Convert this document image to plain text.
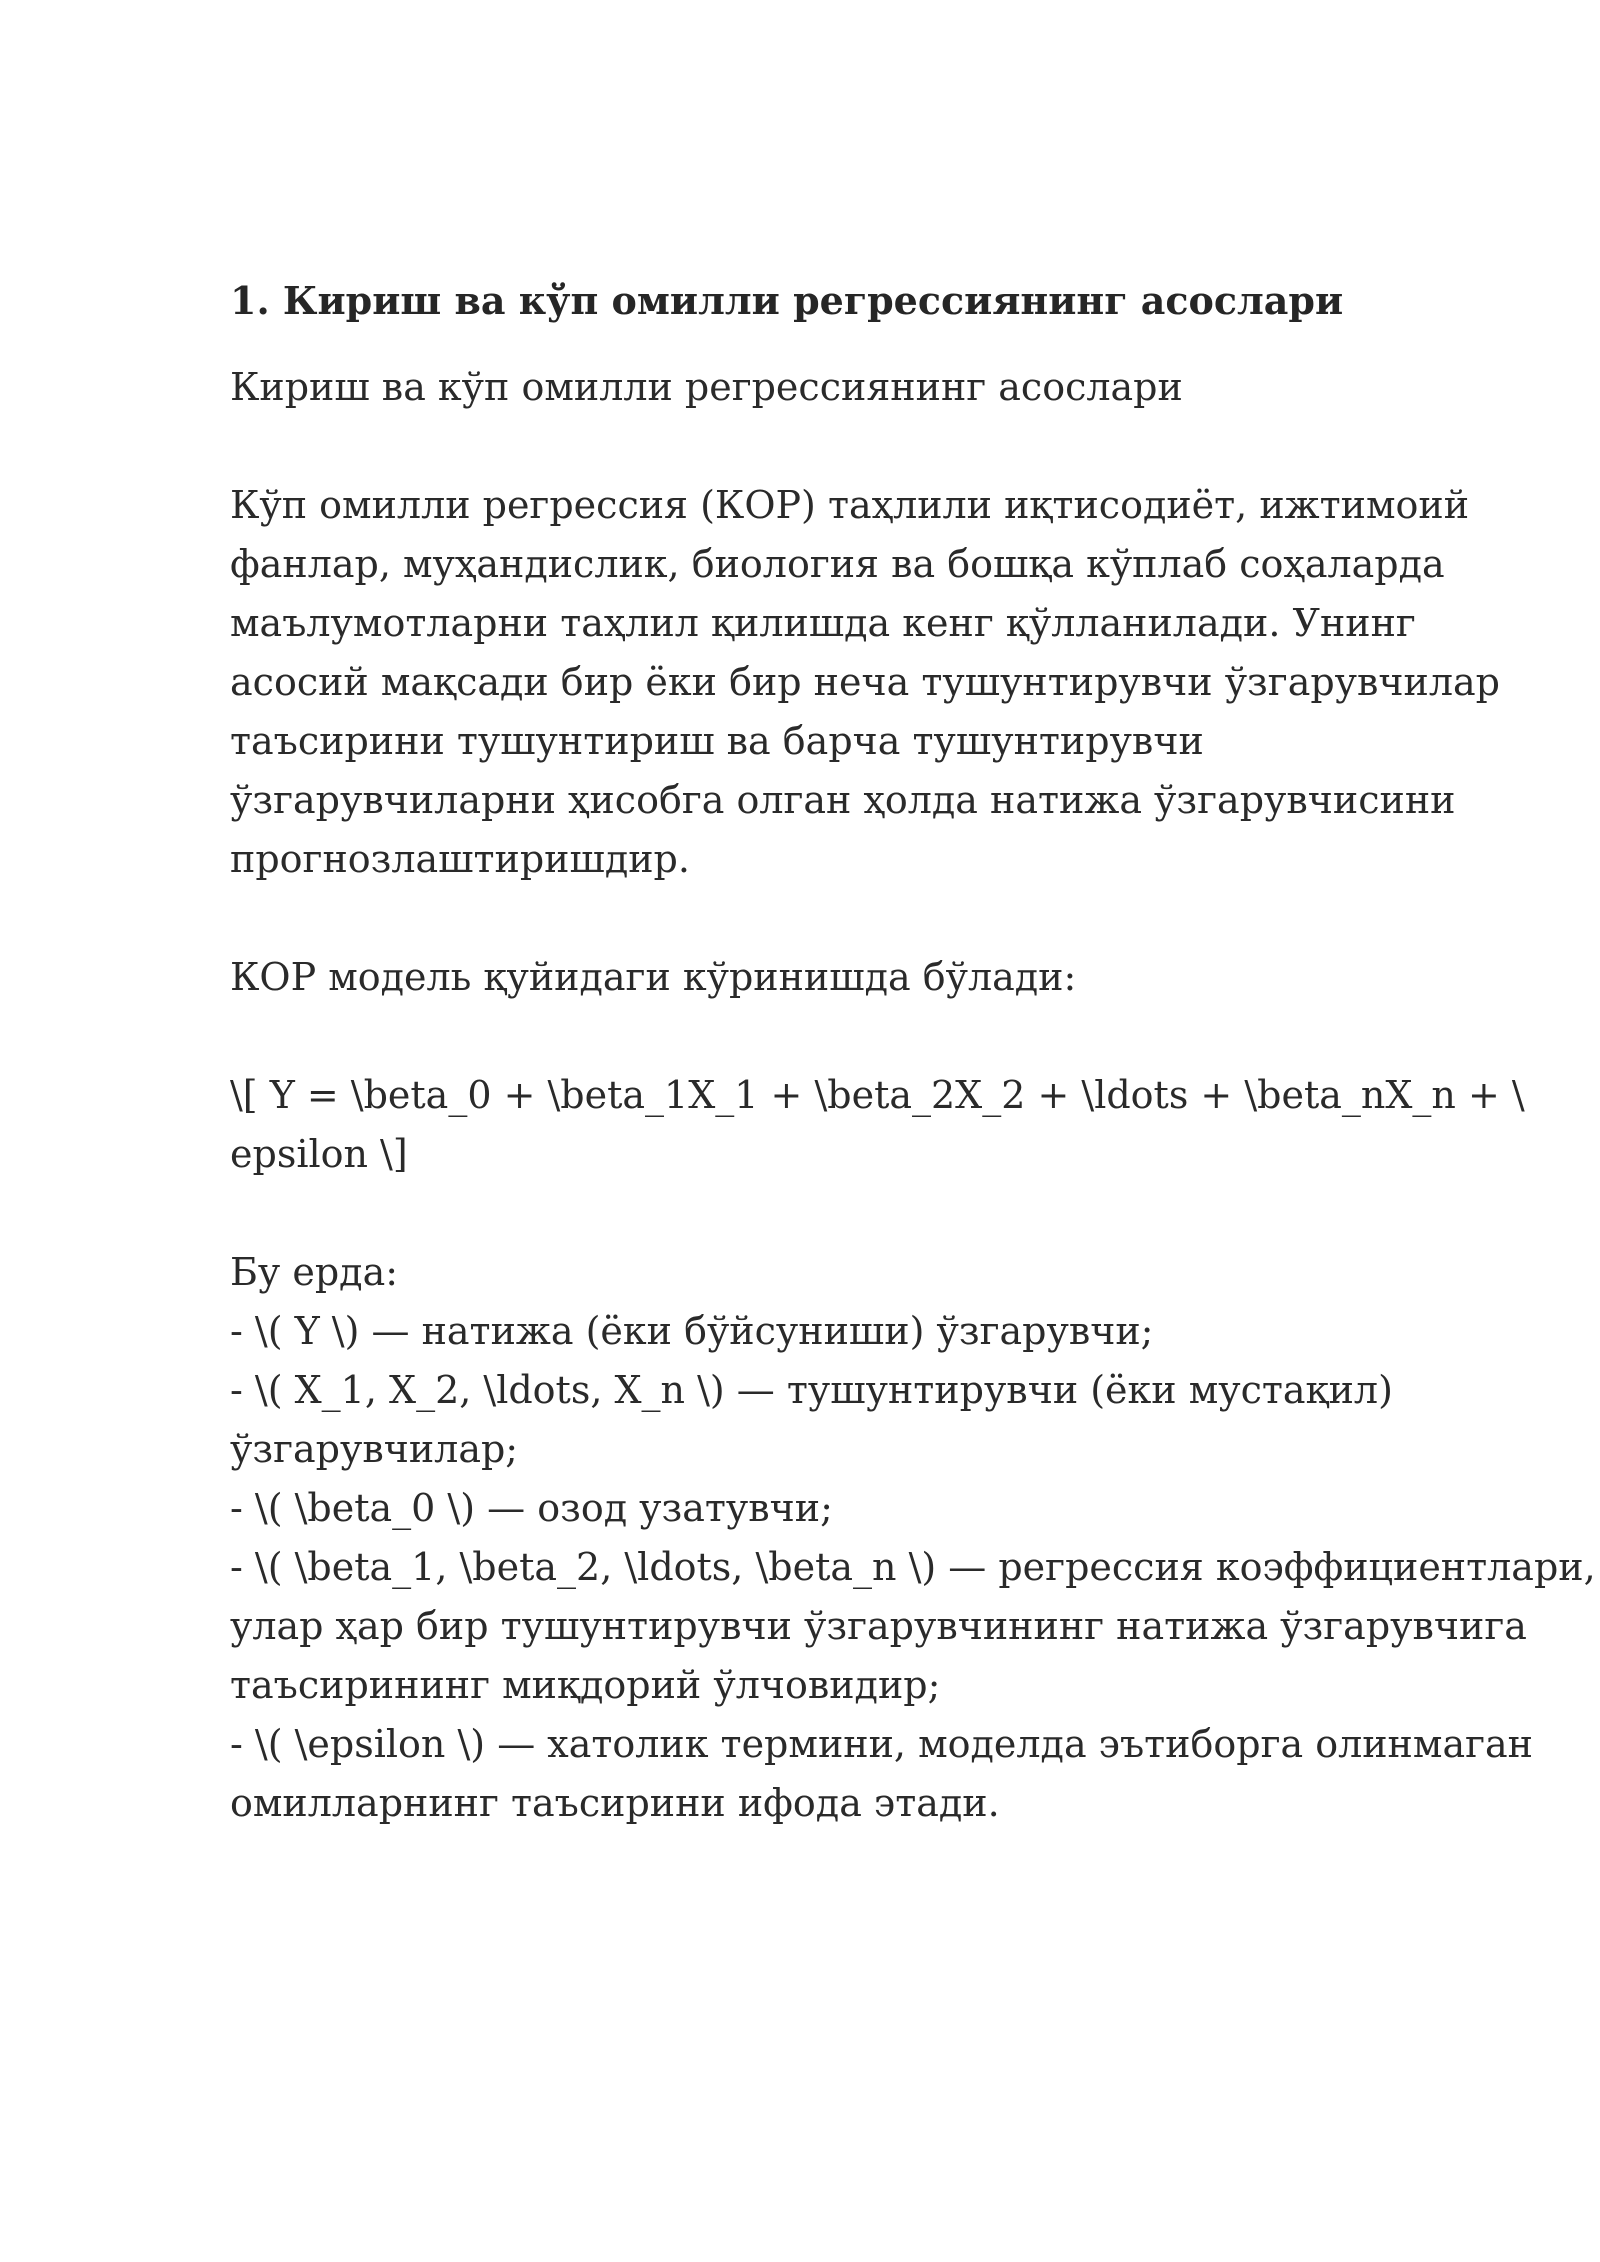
1. Кириш ва кўп омилли регрессиянинг асослари
Кириш ва кўп омилли регрессиянинг асослари
Кўп омилли регрессия (КОР) таҳлили иқтисодиёт, ижтимоий
фанлар, муҳандислик, биология ва бошқа кўплаб соҳаларда
маълумотларни таҳлил қилишда кенг қўлланилади. Унинг
асосий мақсади бир ёки бир неча тушунтирувчи ўзгарувчилар
таъсирини тушунтириш ва барча тушунтирувчи
ўзгарувчиларни ҳисобга олган ҳолда натижа ўзгарувчисини
прогнозлаштиришдир.
КОР модель қуйидаги кўринишда бўлади:
\[ Y = \beta_0 + \beta_1X_1 + \beta_2X_2 + \ldots + \beta_nX_n + \
epsilon \]
Бу ерда:
- \( Y \) — натижа (ёки бўйсуниши) ўзгарувчи;
- \( X_1, X_2, \ldots, X_n \) — тушунтирувчи (ёки мустақил)
ўзгарувчилар;
- \( \beta_0 \) — озод узатувчи;
- \( \beta_1, \beta_2, \ldots, \beta_n \) — регрессия коэффициентлари,
улар ҳар бир тушунтирувчи ўзгарувчининг натижа ўзгарувчига
таъсирининг миқдорий ўлчовидир;
- \( \epsilon \) — хатолик термини, моделда эътиборга олинмаган
омилларнинг таъсирини ифода этади.
